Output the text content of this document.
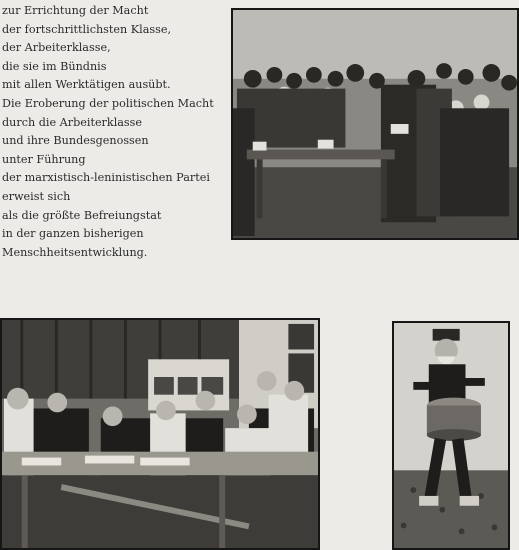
zur Errichtung der Macht
der fortschrittlichsten Klasse,
der Arbeiterklasse,
die sie im Bündnis
mit allen Werktätigen ausübt.
Die Eroberung der politischen Macht
durch die Arbeiterklasse
und ihre Bundesgenossen
unter Führung
der marxistisch-leninistischen Partei
erweist sich
als die größte Befreiungstat
in der ganzen bisherigen
Menschheitsentwicklung.
